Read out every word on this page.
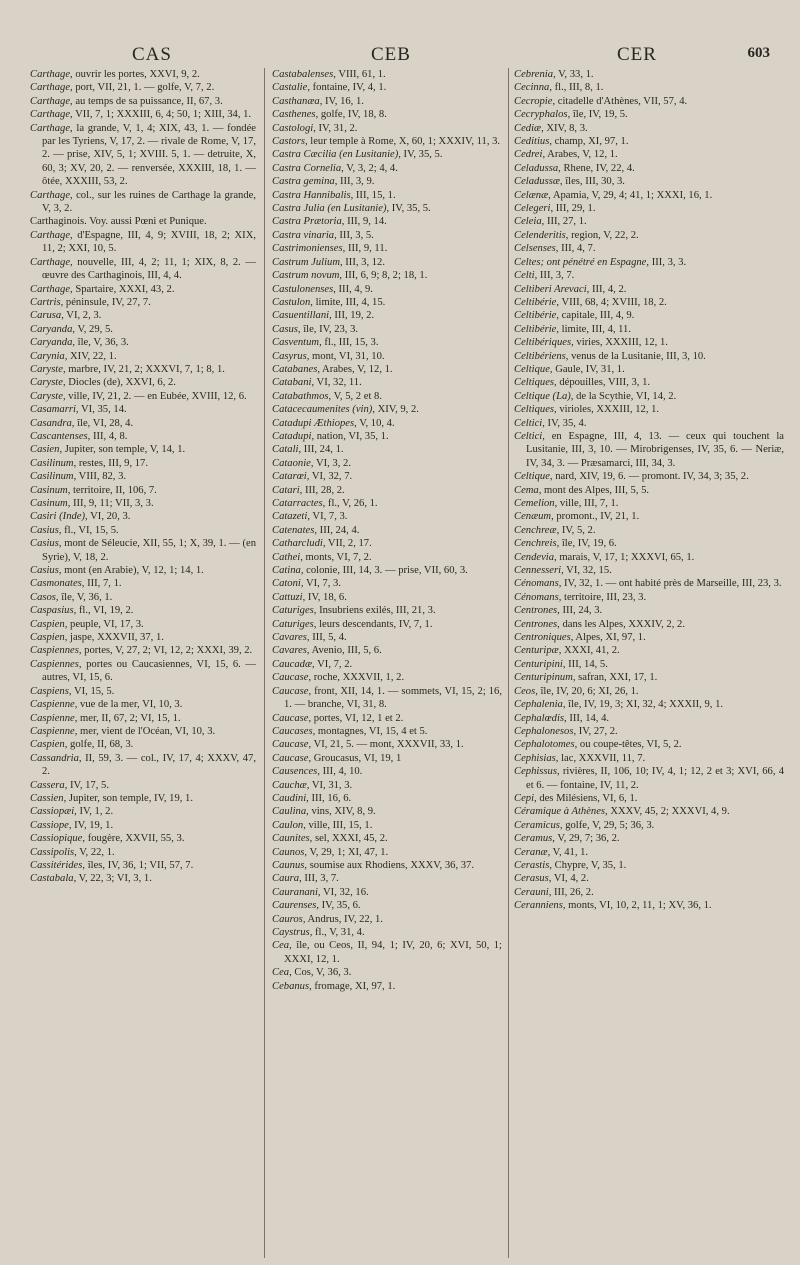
CAS	CEB	CER	603

Carthage, ouvrir les portes, XXVI, 9, 2.

Carthage, port, VII, 21, 1. — golfe, V, 7, 2.

Carthage, au temps de sa puissance, II, 67, 3.

Carthage, VII, 7, 1; XXXIII, 6, 4; 50, 1; XIII, 34, 1.

Carthage, la grande, V, 1, 4; XIX, 43, 1. — fondée par les Tyriens, V, 17, 2. — rivale de Rome, V, 17, 2. — prise, XIV, 5, 1; XVIII. 5, 1. — detruite, X, 60, 3; XV, 20, 2. — renversée, XXXIII, 18, 1. — ôtée, XXXIII, 53, 2.

Carthage, col., sur les ruines de Carthage la grande, V, 3, 2.

Carthaginois. Voy. aussi Pœni et Punique.

Carthage, d'Espagne, III, 4, 9; XVIII, 18, 2; XIX, 11, 2; XXI, 10, 5.

Carthage, nouvelle, III, 4, 2; 11, 1; XIX, 8, 2. — œuvre des Carthaginois, III, 4, 4.

Carthage, Spartaire, XXXI, 43, 2.

Cartris, péninsule, IV, 27, 7.

Carusa, VI, 2, 3.

Caryanda, V, 29, 5.

Caryanda, île, V, 36, 3.

Carynia, XIV, 22, 1.

Caryste, marbre, IV, 21, 2; XXXVI, 7, 1; 8, 1.

Caryste, Diocles (de), XXVI, 6, 2.

Caryste, ville, IV, 21, 2. — en Eubée, XVIII, 12, 6.

Casamarri, VI, 35, 14.

Casandra, île, VI, 28, 4.

Cascantenses, III, 4, 8.

Casien, Jupiter, son temple, V, 14, 1.

Casilinum, restes, III, 9, 17.

Casilinum, VIII, 82, 3.

Casinum, territoire, II, 106, 7.

Casinum, III, 9, 11; VII, 3, 3.

Casiri (Inde), VI, 20, 3.

Casius, fl., VI, 15, 5.

Casius, mont de Séleucie, XII, 55, 1; X, 39, 1. — (en Syrie), V, 18, 2.

Casius, mont (en Arabie), V, 12, 1; 14, 1.

Casmonates, III, 7, 1.

Casos, île, V, 36, 1.

Caspasius, fl., VI, 19, 2.

Caspien, peuple, VI, 17, 3.

Caspien, jaspe, XXXVII, 37, 1.

Caspiennes, portes, V, 27, 2; VI, 12, 2; XXXI, 39, 2.

Caspiennes, portes ou Caucasiennes, VI, 15, 6. — autres, VI, 15, 6.

Caspiens, VI, 15, 5.

Caspienne, vue de la mer, VI, 10, 3.

Caspienne, mer, II, 67, 2; VI, 15, 1.

Caspienne, mer, vient de l'Océan, VI, 10, 3.

Caspien, golfe, II, 68, 3.

Cassandria, II, 59, 3. — col., IV, 17, 4; XXXV, 47, 2.

Cassera, IV, 17, 5.

Cassien, Jupiter, son temple, IV, 19, 1.

Cassiopæi, IV, 1, 2.

Cassiope, IV, 19, 1.

Cassiopique, fougère, XXVII, 55, 3.

Cassipolis, V, 22, 1.

Cassitérides, îles, IV, 36, 1; VII, 57, 7.

Castabala, V, 22, 3; VI, 3, 1.

Castabalenses, VIII, 61, 1.

Castalie, fontaine, IV, 4, 1.

Casthanæa, IV, 16, 1.

Casthenes, golfe, IV, 18, 8.

Castologi, IV, 31, 2.

Castors, leur temple à Rome, X, 60, 1; XXXIV, 11, 3.

Castra Cæcilia (en Lusitanie), IV, 35, 5.

Castra Cornelia, V, 3, 2; 4, 4.

Castra gemina, III, 3, 9.

Castra Hannibalis, III, 15, 1.

Castra Julia (en Lusitanie), IV, 35, 5.

Castra Prætoria, III, 9, 14.

Castra vinaria, III, 3, 5.

Castrimonienses, III, 9, 11.

Castrum Julium, III, 3, 12.

Castrum novum, III, 6, 9; 8, 2; 18, 1.

Castulonenses, III, 4, 9.

Castulon, limite, III, 4, 15.

Casuentillani, III, 19, 2.

Casus, île, IV, 23, 3.

Casventum, fl., III, 15, 3.

Casyrus, mont, VI, 31, 10.

Catabanes, Arabes, V, 12, 1.

Catabani, VI, 32, 11.

Catabathmos, V, 5, 2 et 8.

Catacecaumenites (vin), XIV, 9, 2.

Catadupi Æthiopes, V, 10, 4.

Catadupi, nation, VI, 35, 1.

Catali, III, 24, 1.

Cataonie, VI, 3, 2.

Catarœi, VI, 32, 7.

Catari, III, 28, 2.

Catarractes, fl., V, 26, 1.

Catazeti, VI, 7, 3.

Catenates, III, 24, 4.

Catharcludi, VII, 2, 17.

Cathei, monts, VI, 7, 2.

Catina, colonie, III, 14, 3. — prise, VII, 60, 3.

Catoni, VI, 7, 3.

Cattuzi, IV, 18, 6.

Caturiges, Insubriens exilés, III, 21, 3.

Caturiges, leurs descendants, IV, 7, 1.

Cavares, III, 5, 4.

Cavares, Avenio, III, 5, 6.

Caucadæ, VI, 7, 2.

Caucase, roche, XXXVII, 1, 2.

Caucase, front, XII, 14, 1. — sommets, VI, 15, 2; 16, 1. — branche, VI, 31, 8.

Caucase, portes, VI, 12, 1 et 2.

Caucases, montagnes, VI, 15, 4 et 5.

Caucase, VI, 21, 5. — mont, XXXVII, 33, 1.

Caucase, Groucasus, VI, 19, 1

Causences, III, 4, 10.

Cauchæ, VI, 31, 3.

Caudini, III, 16, 6.

Caulina, vins, XIV, 8, 9.

Caulon, ville, III, 15, 1.

Caunites, sel, XXXI, 45, 2.

Caunos, V, 29, 1; XI, 47, 1.

Caunus, soumise aux Rhodiens, XXXV, 36, 37.

Caura, III, 3, 7.

Cauranani, VI, 32, 16.

Caurenses, IV, 35, 6.

Cauros, Andrus, IV, 22, 1.

Caystrus, fl., V, 31, 4.

Cea, île, ou Ceos, II, 94, 1; IV, 20, 6; XVI, 50, 1; XXXI, 12, 1.

Cea, Cos, V, 36, 3.

Cebanus, fromage, XI, 97, 1.

Cebrenia, V, 33, 1.

Cecinna, fl., III, 8, 1.

Cecropie, citadelle d'Athènes, VII, 57, 4.

Cecryphalos, île, IV, 19, 5.

Cediæ, XIV, 8, 3.

Ceditius, champ, XI, 97, 1.

Cedrei, Arabes, V, 12, 1.

Celadussa, Rhene, IV, 22, 4.

Celadussæ, îles, III, 30, 3.

Celænæ, Apamia, V, 29, 4; 41, 1; XXXI, 16, 1.

Celegeri, III, 29, 1.

Celeia, III, 27, 1.

Celenderitis, region, V, 22, 2.

Celsenses, III, 4, 7.

Celtes; ont pénétré en Espagne, III, 3, 3.

Celti, III, 3, 7.

Celtiberi Arevaci, III, 4, 2.

Celtibérie, VIII, 68, 4; XVIII, 18, 2.

Celtibérie, capitale, III, 4, 9.

Celtibérie, limite, III, 4, 11.

Celtibériques, viries, XXXIII, 12, 1.

Celtibériens, venus de la Lusitanie, III, 3, 10.

Celtique, Gaule, IV, 31, 1.

Celtiques, dépouilles, VIII, 3, 1.

Celtique (La), de la Scythie, VI, 14, 2.

Celtiques, virioles, XXXIII, 12, 1.

Celtici, IV, 35, 4.

Celtici, en Espagne, III, 4, 13. — ceux qui touchent la Lusitanie, III, 3, 10. — Mirobrigenses, IV, 35, 6. — Neriæ, IV, 34, 3. — Præsamarci, III, 34, 3.

Celtique, nard, XIV, 19, 6. — promont. IV, 34, 3; 35, 2.

Cema, mont des Alpes, III, 5, 5.

Cemelion, ville, III, 7, 1.

Cenæum, promont., IV, 21, 1.

Cenchreæ, IV, 5, 2.

Cenchreis, île, IV, 19, 6.

Cendevia, marais, V, 17, 1; XXXVI, 65, 1.

Cennesseri, VI, 32, 15.

Cénomans, IV, 32, 1. — ont habité près de Marseille, III, 23, 3.

Cénomans, territoire, III, 23, 3.

Centrones, III, 24, 3.

Centrones, dans les Alpes, XXXIV, 2, 2.

Centroniques, Alpes, XI, 97, 1.

Centuripæ, XXXI, 41, 2.

Centuripini, III, 14, 5.

Centuripinum, safran, XXI, 17, 1.

Ceos, île, IV, 20, 6; XI, 26, 1.

Cephalenia, île, IV, 19, 3; XI, 32, 4; XXXII, 9, 1.

Cephalœdis, III, 14, 4.

Cephalonesos, IV, 27, 2.

Cephalotomes, ou coupe-têtes, VI, 5, 2.

Cephisias, lac, XXXVII, 11, 7.

Cephissus, rivières, II, 106, 10; IV, 4, 1; 12, 2 et 3; XVI, 66, 4 et 6. — fontaine, IV, 11, 2.

Cepi, des Milésiens, VI, 6, 1.

Céramique à Athènes, XXXV, 45, 2; XXXVI, 4, 9.

Ceramicus, golfe, V, 29, 5; 36, 3.

Ceramus, V, 29, 7; 36, 2.

Ceranæ, V, 41, 1.

Cerastis, Chypre, V, 35, 1.

Cerasus, VI, 4, 2.

Cerauni, III, 26, 2.

Ceranniens, monts, VI, 10, 2, 11, 1; XV, 36, 1.
